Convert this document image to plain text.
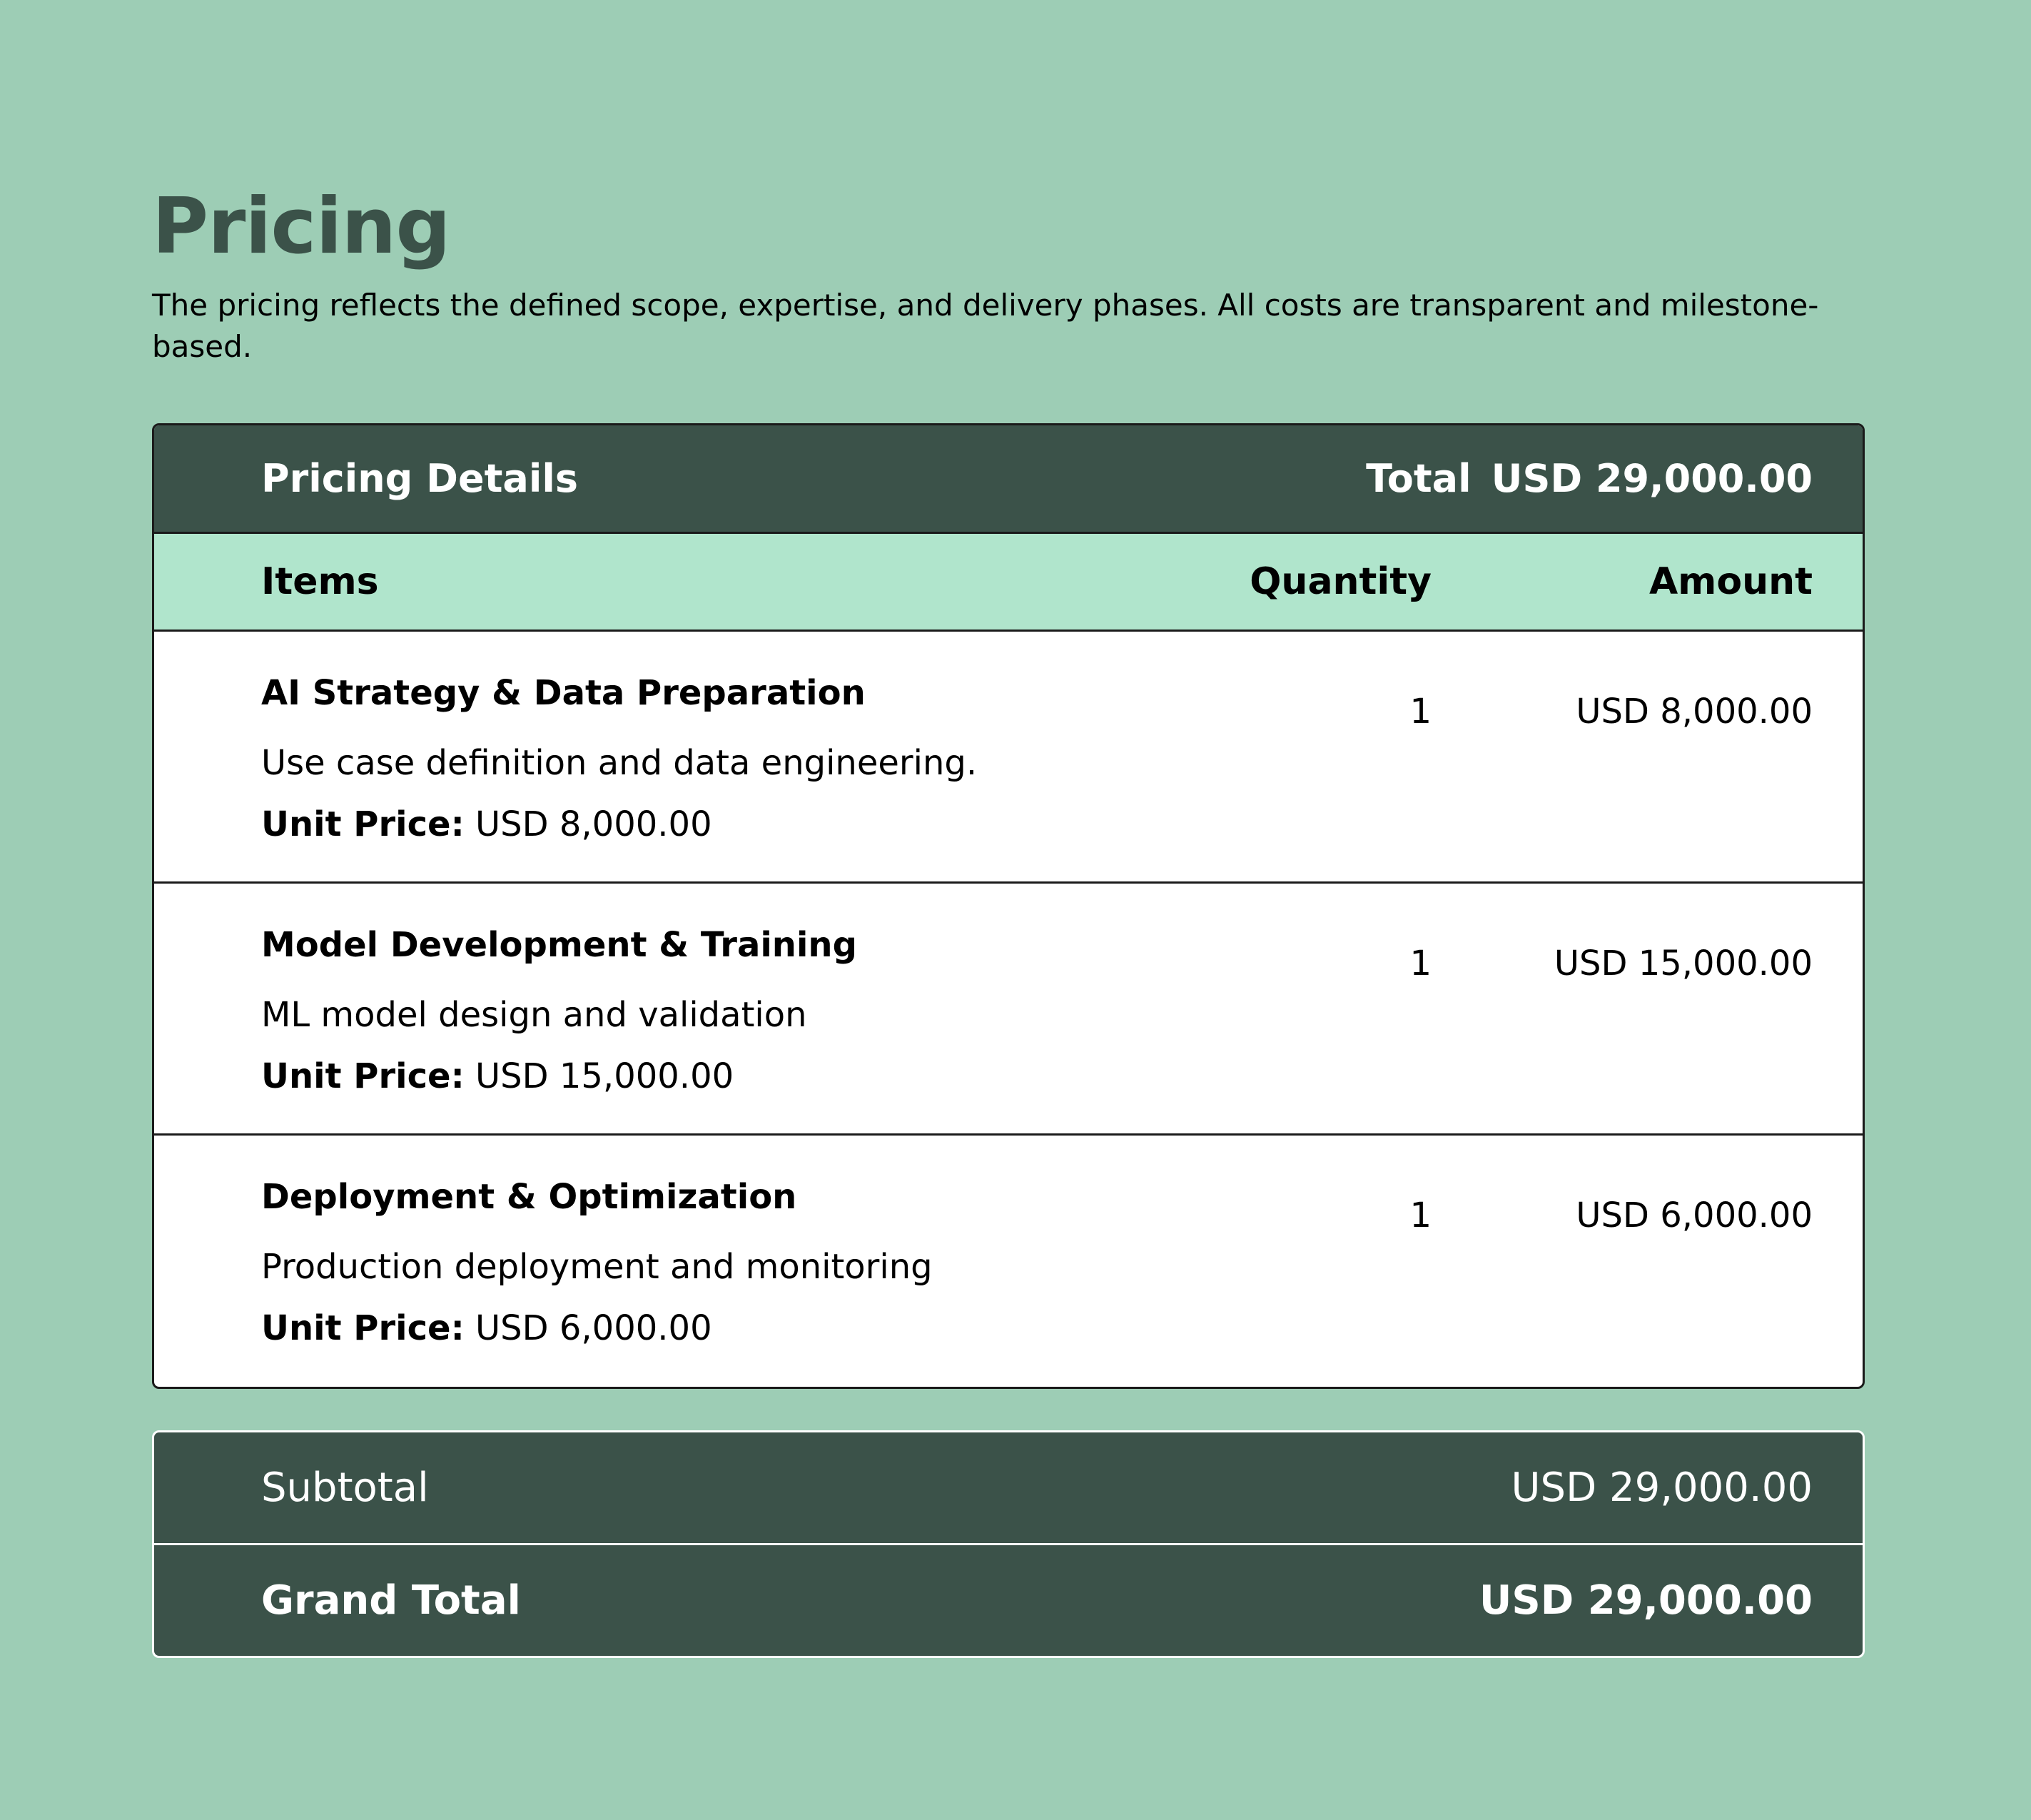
Pricing

The pricing reflects the defined scope, expertise, and delivery phases. All costs are transparent and milestone-
based.

Pricing Details	Total USD 29,000.00
Items	Quantity	Amount
AI Strategy & Data Preparation
Use case definition and data engineering.
Unit Price: USD 8,000.00
1	USD 8,000.00
Model Development & Training
ML model design and validation
Unit Price: USD 15,000.00
1	USD 15,000.00
Deployment & Optimization
Production deployment and monitoring
Unit Price: USD 6,000.00
1	USD 6,000.00
Subtotal	USD 29,000.00
Grand Total	USD 29,000.00
